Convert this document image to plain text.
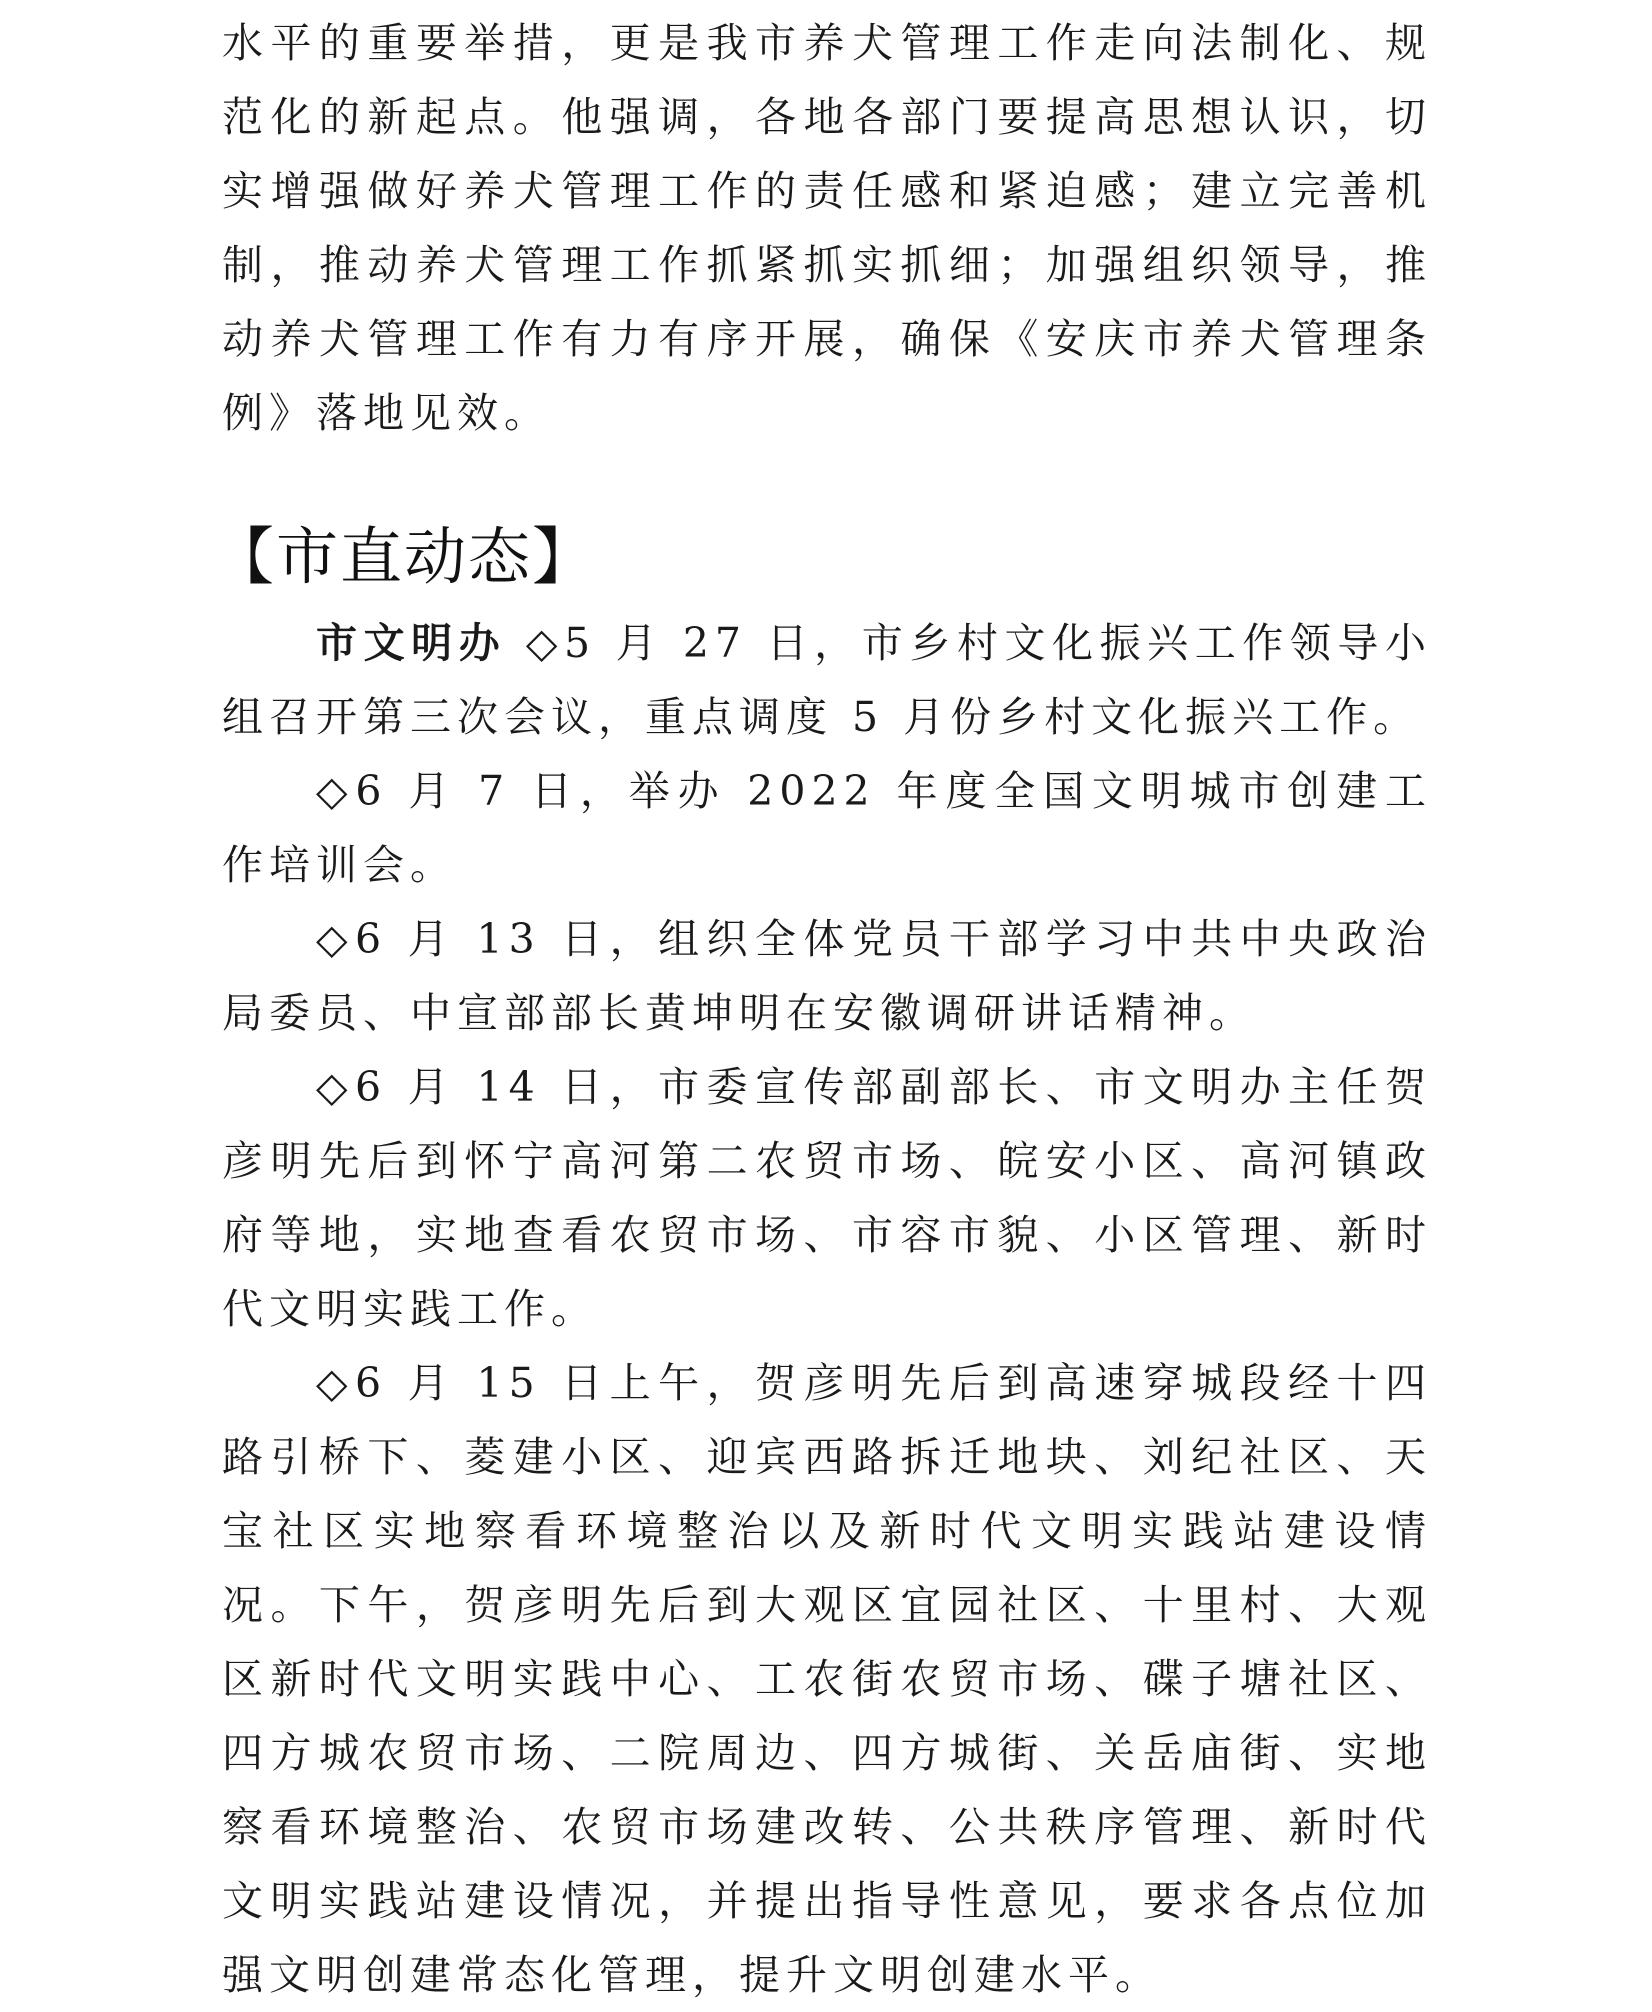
水平的重要举措，更是我市养犬管理工作走向法制化、规范化的新起点。他强调，各地各部门要提高思想认识，切实增强做好养犬管理工作的责任感和紧迫感；建立完善机制，推动养犬管理工作抓紧抓实抓细；加强组织领导，推动养犬管理工作有力有序开展，确保《安庆市养犬管理条例》落地见效。

【市直动态】

市文明办 ◇5 月 27 日，市乡村文化振兴工作领导小组召开第三次会议，重点调度 5 月份乡村文化振兴工作。

◇6 月 7 日，举办 2022 年度全国文明城市创建工作培训会。

◇6 月 13 日，组织全体党员干部学习中共中央政治局委员、中宣部部长黄坤明在安徽调研讲话精神。

◇6 月 14 日，市委宣传部副部长、市文明办主任贺彦明先后到怀宁高河第二农贸市场、皖安小区、高河镇政府等地，实地查看农贸市场、市容市貌、小区管理、新时代文明实践工作。

◇6 月 15 日上午，贺彦明先后到高速穿城段经十四路引桥下、菱建小区、迎宾西路拆迁地块、刘纪社区、天宝社区实地察看环境整治以及新时代文明实践站建设情况。下午，贺彦明先后到大观区宜园社区、十里村、大观区新时代文明实践中心、工农街农贸市场、碟子塘社区、四方城农贸市场、二院周边、四方城街、关岳庙街、实地察看环境整治、农贸市场建改转、公共秩序管理、新时代文明实践站建设情况，并提出指导性意见，要求各点位加强文明创建常态化管理，提升文明创建水平。
